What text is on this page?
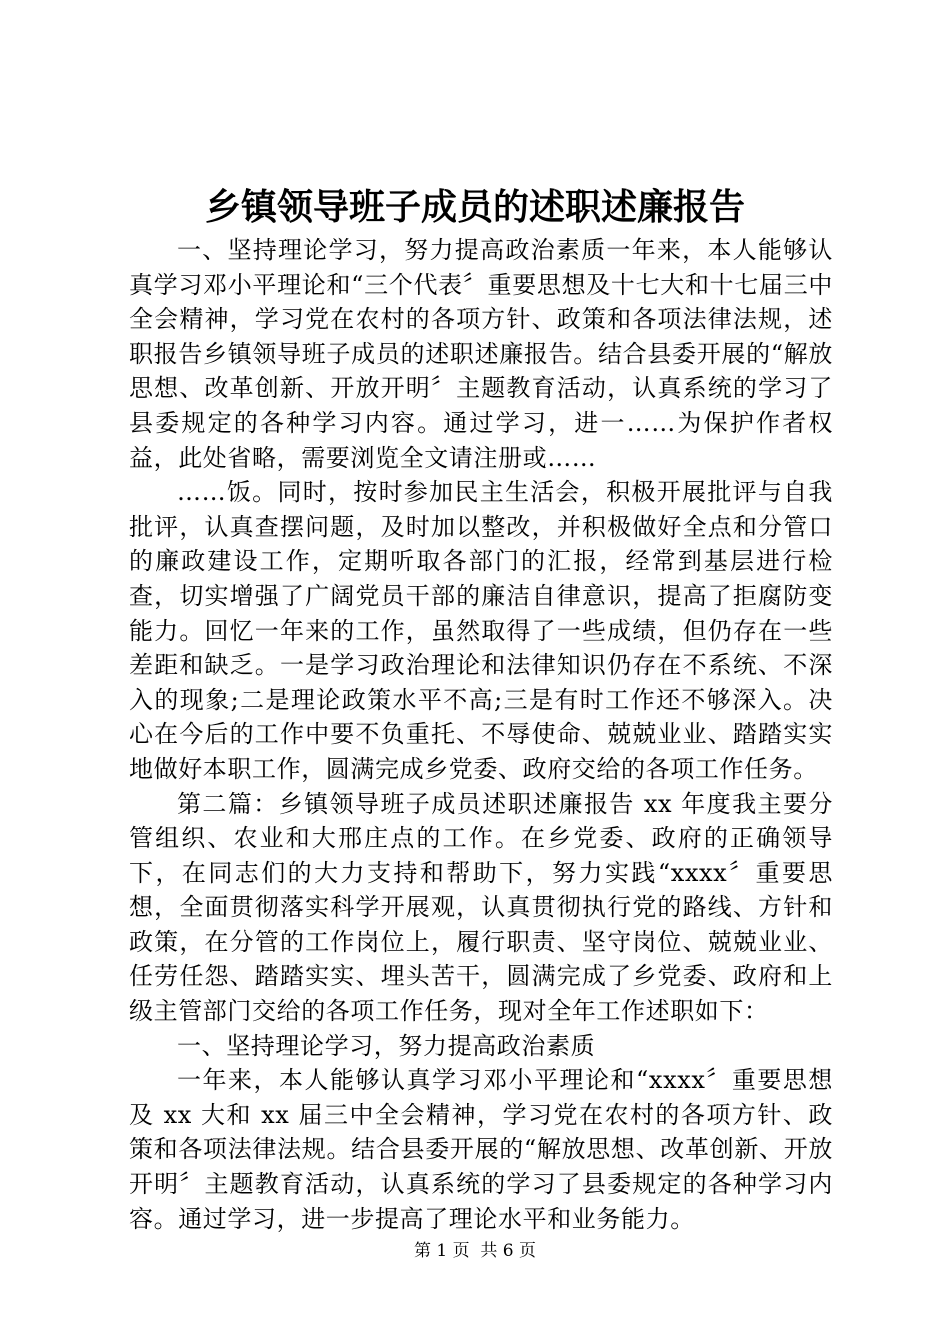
乡镇领导班子成员的述职述廉报告

一、坚持理论学习，努力提高政治素质一年来，本人能够认真学习邓小平理论和“三个代表〞重要思想及十七大和十七届三中全会精神，学习党在农村的各项方针、政策和各项法律法规，述职报告乡镇领导班子成员的述职述廉报告。结合县委开展的“解放思想、改革创新、开放开明〞主题教育活动，认真系统的学习了县委规定的各种学习内容。通过学习，进一……为保护作者权益，此处省略，需要浏览全文请注册或……

……饭。同时，按时参加民主生活会，积极开展批评与自我批评，认真查摆问题，及时加以整改，并积极做好全点和分管口的廉政建设工作，定期听取各部门的汇报，经常到基层进行检查，切实增强了广阔党员干部的廉洁自律意识，提高了拒腐防变能力。回忆一年来的工作，虽然取得了一些成绩，但仍存在一些差距和缺乏。一是学习政治理论和法律知识仍存在不系统、不深入的现象;二是理论政策水平不高;三是有时工作还不够深入。决心在今后的工作中要不负重托、不辱使命、兢兢业业、踏踏实实地做好本职工作，圆满完成乡党委、政府交给的各项工作任务。

第二篇：乡镇领导班子成员述职述廉报告 xx 年度我主要分管组织、农业和大邢庄点的工作。在乡党委、政府的正确领导下，在同志们的大力支持和帮助下，努力实践“xxxx〞重要思想，全面贯彻落实科学开展观，认真贯彻执行党的路线、方针和政策，在分管的工作岗位上，履行职责、坚守岗位、兢兢业业、任劳任怨、踏踏实实、埋头苦干，圆满完成了乡党委、政府和上级主管部门交给的各项工作任务，现对全年工作述职如下：

一、坚持理论学习，努力提高政治素质

一年来，本人能够认真学习邓小平理论和“xxxx〞重要思想及 xx 大和 xx 届三中全会精神，学习党在农村的各项方针、政策和各项法律法规。结合县委开展的“解放思想、改革创新、开放开明〞主题教育活动，认真系统的学习了县委规定的各种学习内容。通过学习，进一步提高了理论水平和业务能力。

第 1 页  共 6 页
